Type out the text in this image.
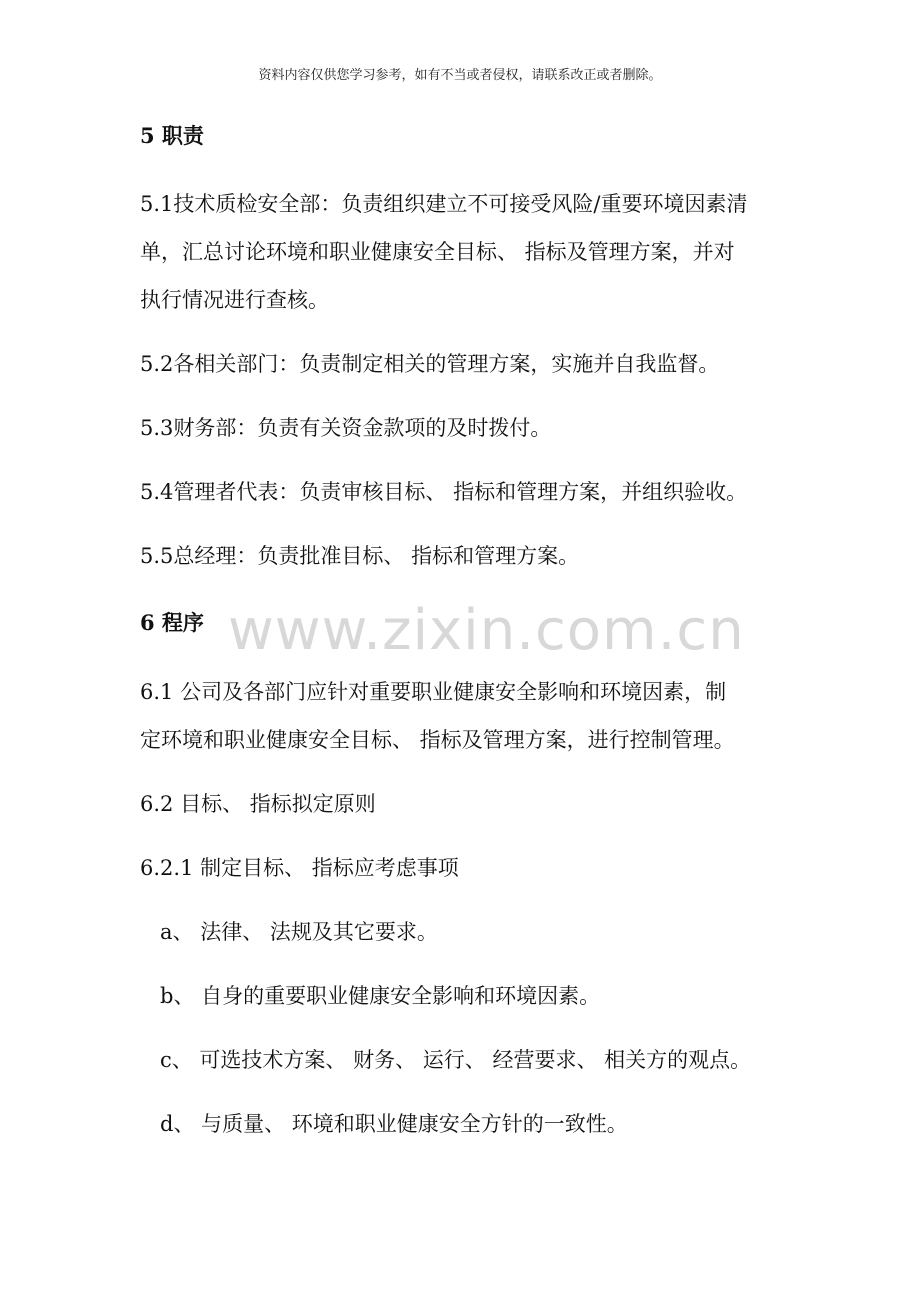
资料内容仅供您学习参考，如有不当或者侵权，请联系改正或者删除。
www.zixin.com.cn
5 职责
5.1技术质检安全部：负责组织建立不可接受风险/重要环境因素清
单，汇总讨论环境和职业健康安全目标、 指标及管理方案，并对
执行情况进行查核。
5.2各相关部门：负责制定相关的管理方案，实施并自我监督。
5.3财务部：负责有关资金款项的及时拨付。
5.4管理者代表：负责审核目标、 指标和管理方案，并组织验收。
5.5总经理：负责批准目标、 指标和管理方案。
6 程序
6.1 公司及各部门应针对重要职业健康安全影响和环境因素，制
定环境和职业健康安全目标、 指标及管理方案，进行控制管理。
6.2 目标、 指标拟定原则
6.2.1 制定目标、 指标应考虑事项
a、 法律、 法规及其它要求。
b、 自身的重要职业健康安全影响和环境因素。
c、 可选技术方案、 财务、 运行、 经营要求、 相关方的观点。
d、 与质量、 环境和职业健康安全方针的一致性。
